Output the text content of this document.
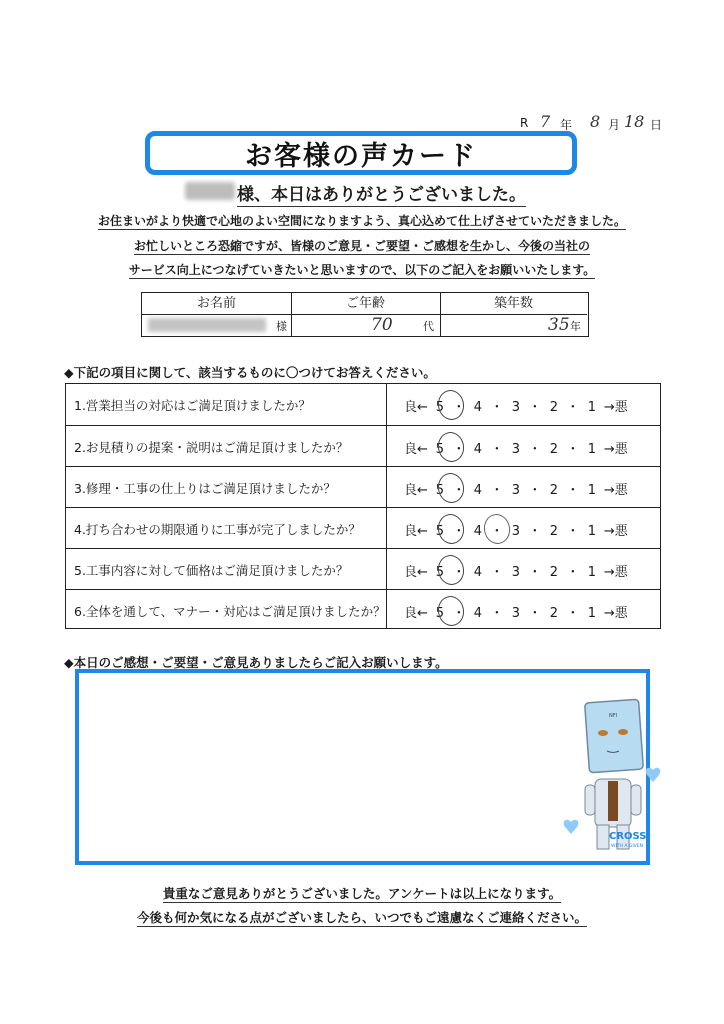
R 7 年 8 月 18 日
お客様の声カード
様、本日はありがとうございました。
お住まいがより快適で心地のよい空間になりますよう、真心込めて仕上げさせていただきました。
お忙しいところ恐縮ですが、皆様のご意見・ご要望・ご感想を生かし、今後の当社の
サービス向上につなげていきたいと思いますので、以下のご記入をお願いいたします。
お名前	ご年齢	築年数
様	70	代	35 年
◆下記の項目に関して、該当するものに〇つけてお答えください。
1.営業担当の対応はご満足頂けましたか？	良← 5 ・ 4 ・ 3 ・ 2 ・ 1 →悪
2.お見積りの提案・説明はご満足頂けましたか？	良← 5 ・ 4 ・ 3 ・ 2 ・ 1 →悪
3.修理・工事の仕上りはご満足頂けましたか？	良← 5 ・ 4 ・ 3 ・ 2 ・ 1 →悪
4.打ち合わせの期限通りに工事が完了しましたか？	良← 5 ・ 4 ・ 3 ・ 2 ・ 1 →悪
5.工事内容に対して価格はご満足頂けましたか？	良← 5 ・ 4 ・ 3 ・ 2 ・ 1 →悪
6.全体を通して、マナー・対応はご満足頂けましたか？ 良← 5 ・ 4 ・ 3 ・ 2 ・ 1 →悪
◆本日のご感想・ご要望・ご意見ありましたらご記入お願いします。
NFI
CROSS
WITH A GIVEN
貴重なご意見ありがとうございました。アンケートは以上になります。
今後も何か気になる点がございましたら、いつでもご遠慮なくご連絡ください。
